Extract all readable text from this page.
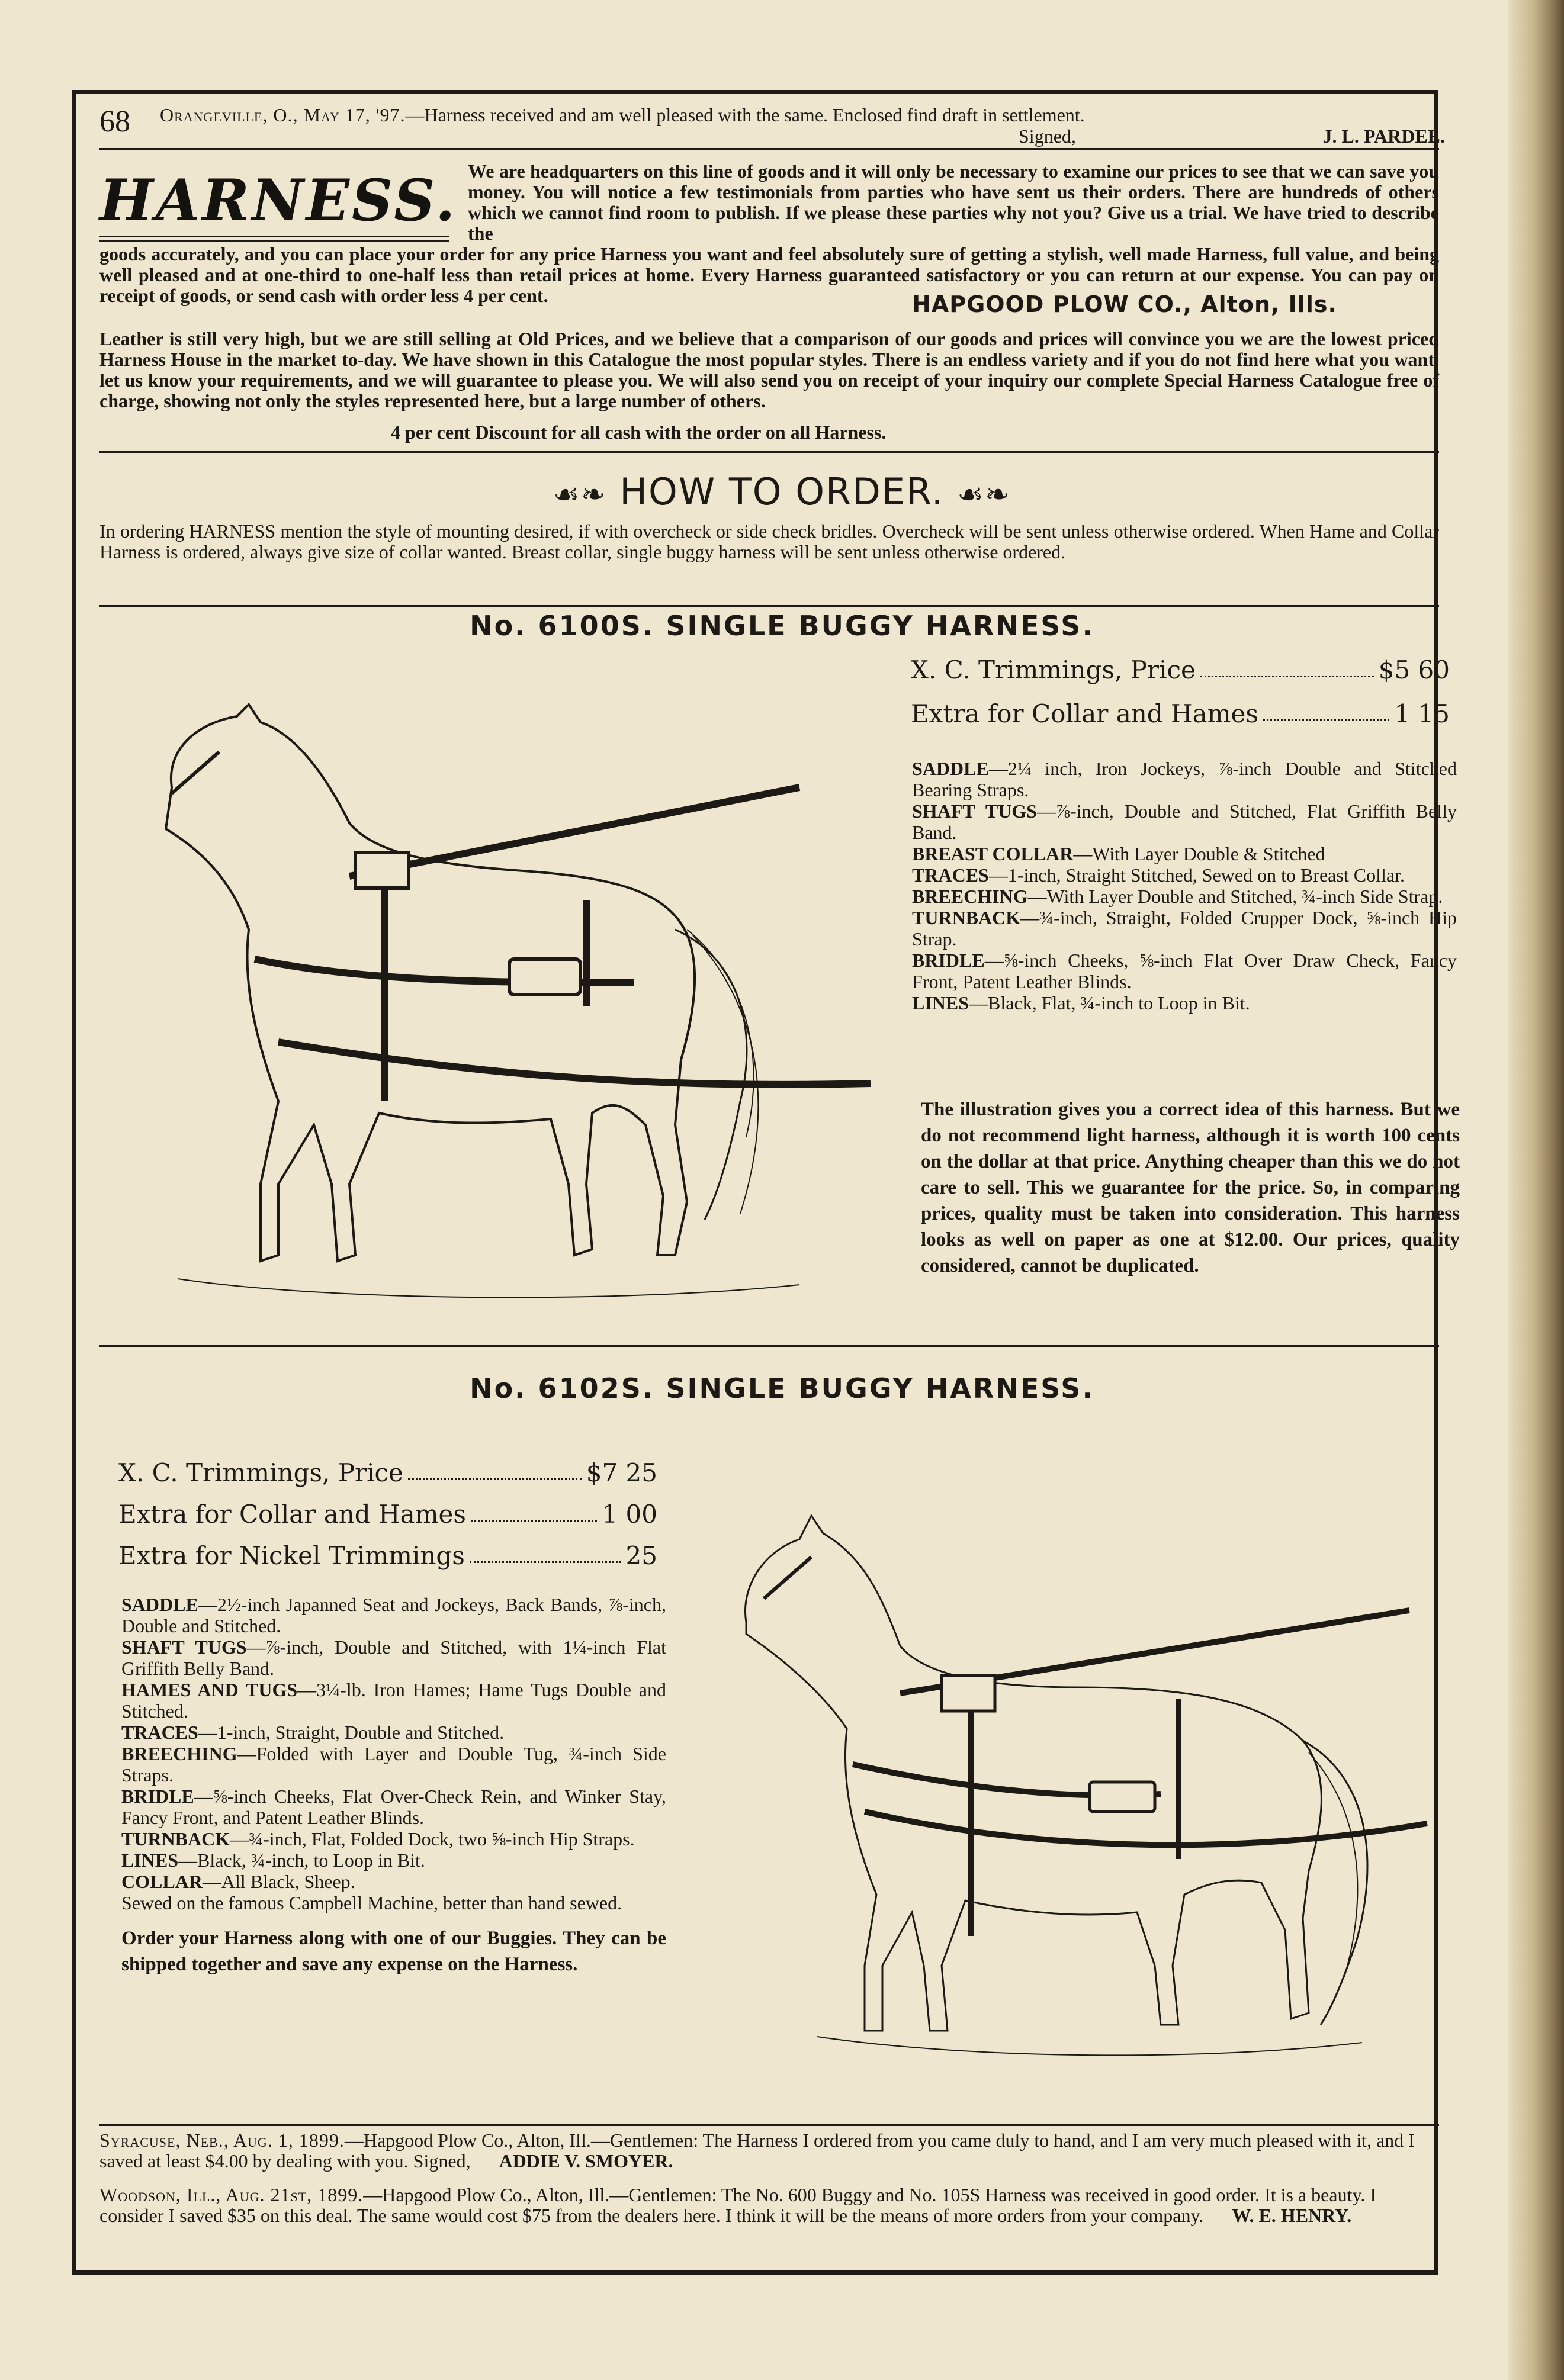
68 Orangeville, O., May 17, '97.—Harness received and am well pleased with the same. Enclosed find draft in settlement.
Signed,	J. L. PARDEE.
HARNESS. We are headquarters on this line of goods and it will only be necessary to examine our prices to see that we can save you money. You will notice a few testimonials from parties who have sent us their orders. There are hundreds of others which we cannot find room to publish. If we please these parties why not you? Give us a trial. We have tried to describe the
goods accurately, and you can place your order for any price Harness you want and feel absolutely sure of getting a stylish, well made Harness, full value, and being well pleased and at one-third to one-half less than retail prices at home. Every Harness guaranteed satisfactory or you can return at our expense. You can pay on receipt of goods, or send cash with order less 4 per cent.	HAPGOOD PLOW CO., Alton, Ills.
Leather is still very high, but we are still selling at Old Prices, and we believe that a comparison of our goods and prices will convince you we are the lowest priced Harness House in the market to-day. We have shown in this Catalogue the most popular styles. There is an endless variety and if you do not find here what you want, let us know your requirements, and we will guarantee to please you. We will also send you on receipt of your inquiry our complete Special Harness Catalogue free of charge, showing not only the styles represented here, but a large number of others.
4 per cent Discount for all cash with the order on all Harness.
☙❧ HOW TO ORDER. ☙❧
In ordering HARNESS mention the style of mounting desired, if with overcheck or side check bridles. Overcheck will be sent unless otherwise ordered. When Hame and Collar Harness is ordered, always give size of collar wanted. Breast collar, single buggy harness will be sent unless otherwise ordered.
No. 6100S. SINGLE BUGGY HARNESS.
X. C. Trimmings, Price	$5 60
Extra for Collar and Hames	1 15
SADDLE—2¼ inch, Iron Jockeys, ⅞-inch Double and Stitched Bearing Straps.
SHAFT TUGS—⅞-inch, Double and Stitched, Flat Griffith Belly Band.
BREAST COLLAR—With Layer Double & Stitched
TRACES—1-inch, Straight Stitched, Sewed on to Breast Collar.
BREECHING—With Layer Double and Stitched, ¾-inch Side Strap.
TURNBACK—¾-inch, Straight, Folded Crupper Dock, ⅝-inch Hip Strap.
BRIDLE—⅝-inch Cheeks, ⅝-inch Flat Over Draw Check, Fancy Front, Patent Leather Blinds.
LINES—Black, Flat, ¾-inch to Loop in Bit.
The illustration gives you a correct idea of this harness. But we do not recommend light harness, although it is worth 100 cents on the dollar at that price. Anything cheaper than this we do not care to sell. This we guarantee for the price. So, in comparing prices, quality must be taken into consideration. This harness looks as well on paper as one at $12.00. Our prices, quality considered, cannot be duplicated.
No. 6102S. SINGLE BUGGY HARNESS.
X. C. Trimmings, Price	$7 25
Extra for Collar and Hames	1 00
Extra for Nickel Trimmings	25
SADDLE—2½-inch Japanned Seat and Jockeys, Back Bands, ⅞-inch, Double and Stitched.
SHAFT TUGS—⅞-inch, Double and Stitched, with 1¼-inch Flat Griffith Belly Band.
HAMES AND TUGS—3¼-lb. Iron Hames; Hame Tugs Double and Stitched.
TRACES—1-inch, Straight, Double and Stitched.
BREECHING—Folded with Layer and Double Tug, ¾-inch Side Straps.
BRIDLE—⅝-inch Cheeks, Flat Over-Check Rein, and Winker Stay, Fancy Front, and Patent Leather Blinds.
TURNBACK—¾-inch, Flat, Folded Dock, two ⅝-inch Hip Straps.
LINES—Black, ¾-inch, to Loop in Bit.
COLLAR—All Black, Sheep.
Sewed on the famous Campbell Machine, better than hand sewed.
Order your Harness along with one of our Buggies. They can be shipped together and save any expense on the Harness.
Syracuse, Neb., Aug. 1, 1899.—Hapgood Plow Co., Alton, Ill.—Gentlemen: The Harness I ordered from you came duly to hand, and I am very much pleased with it, and I saved at least $4.00 by dealing with you. Signed, ADDIE V. SMOYER.
Woodson, Ill., Aug. 21st, 1899.—Hapgood Plow Co., Alton, Ill.—Gentlemen: The No. 600 Buggy and No. 105S Harness was received in good order. It is a beauty. I consider I saved $35 on this deal. The same would cost $75 from the dealers here. I think it will be the means of more orders from your company. W. E. HENRY.
